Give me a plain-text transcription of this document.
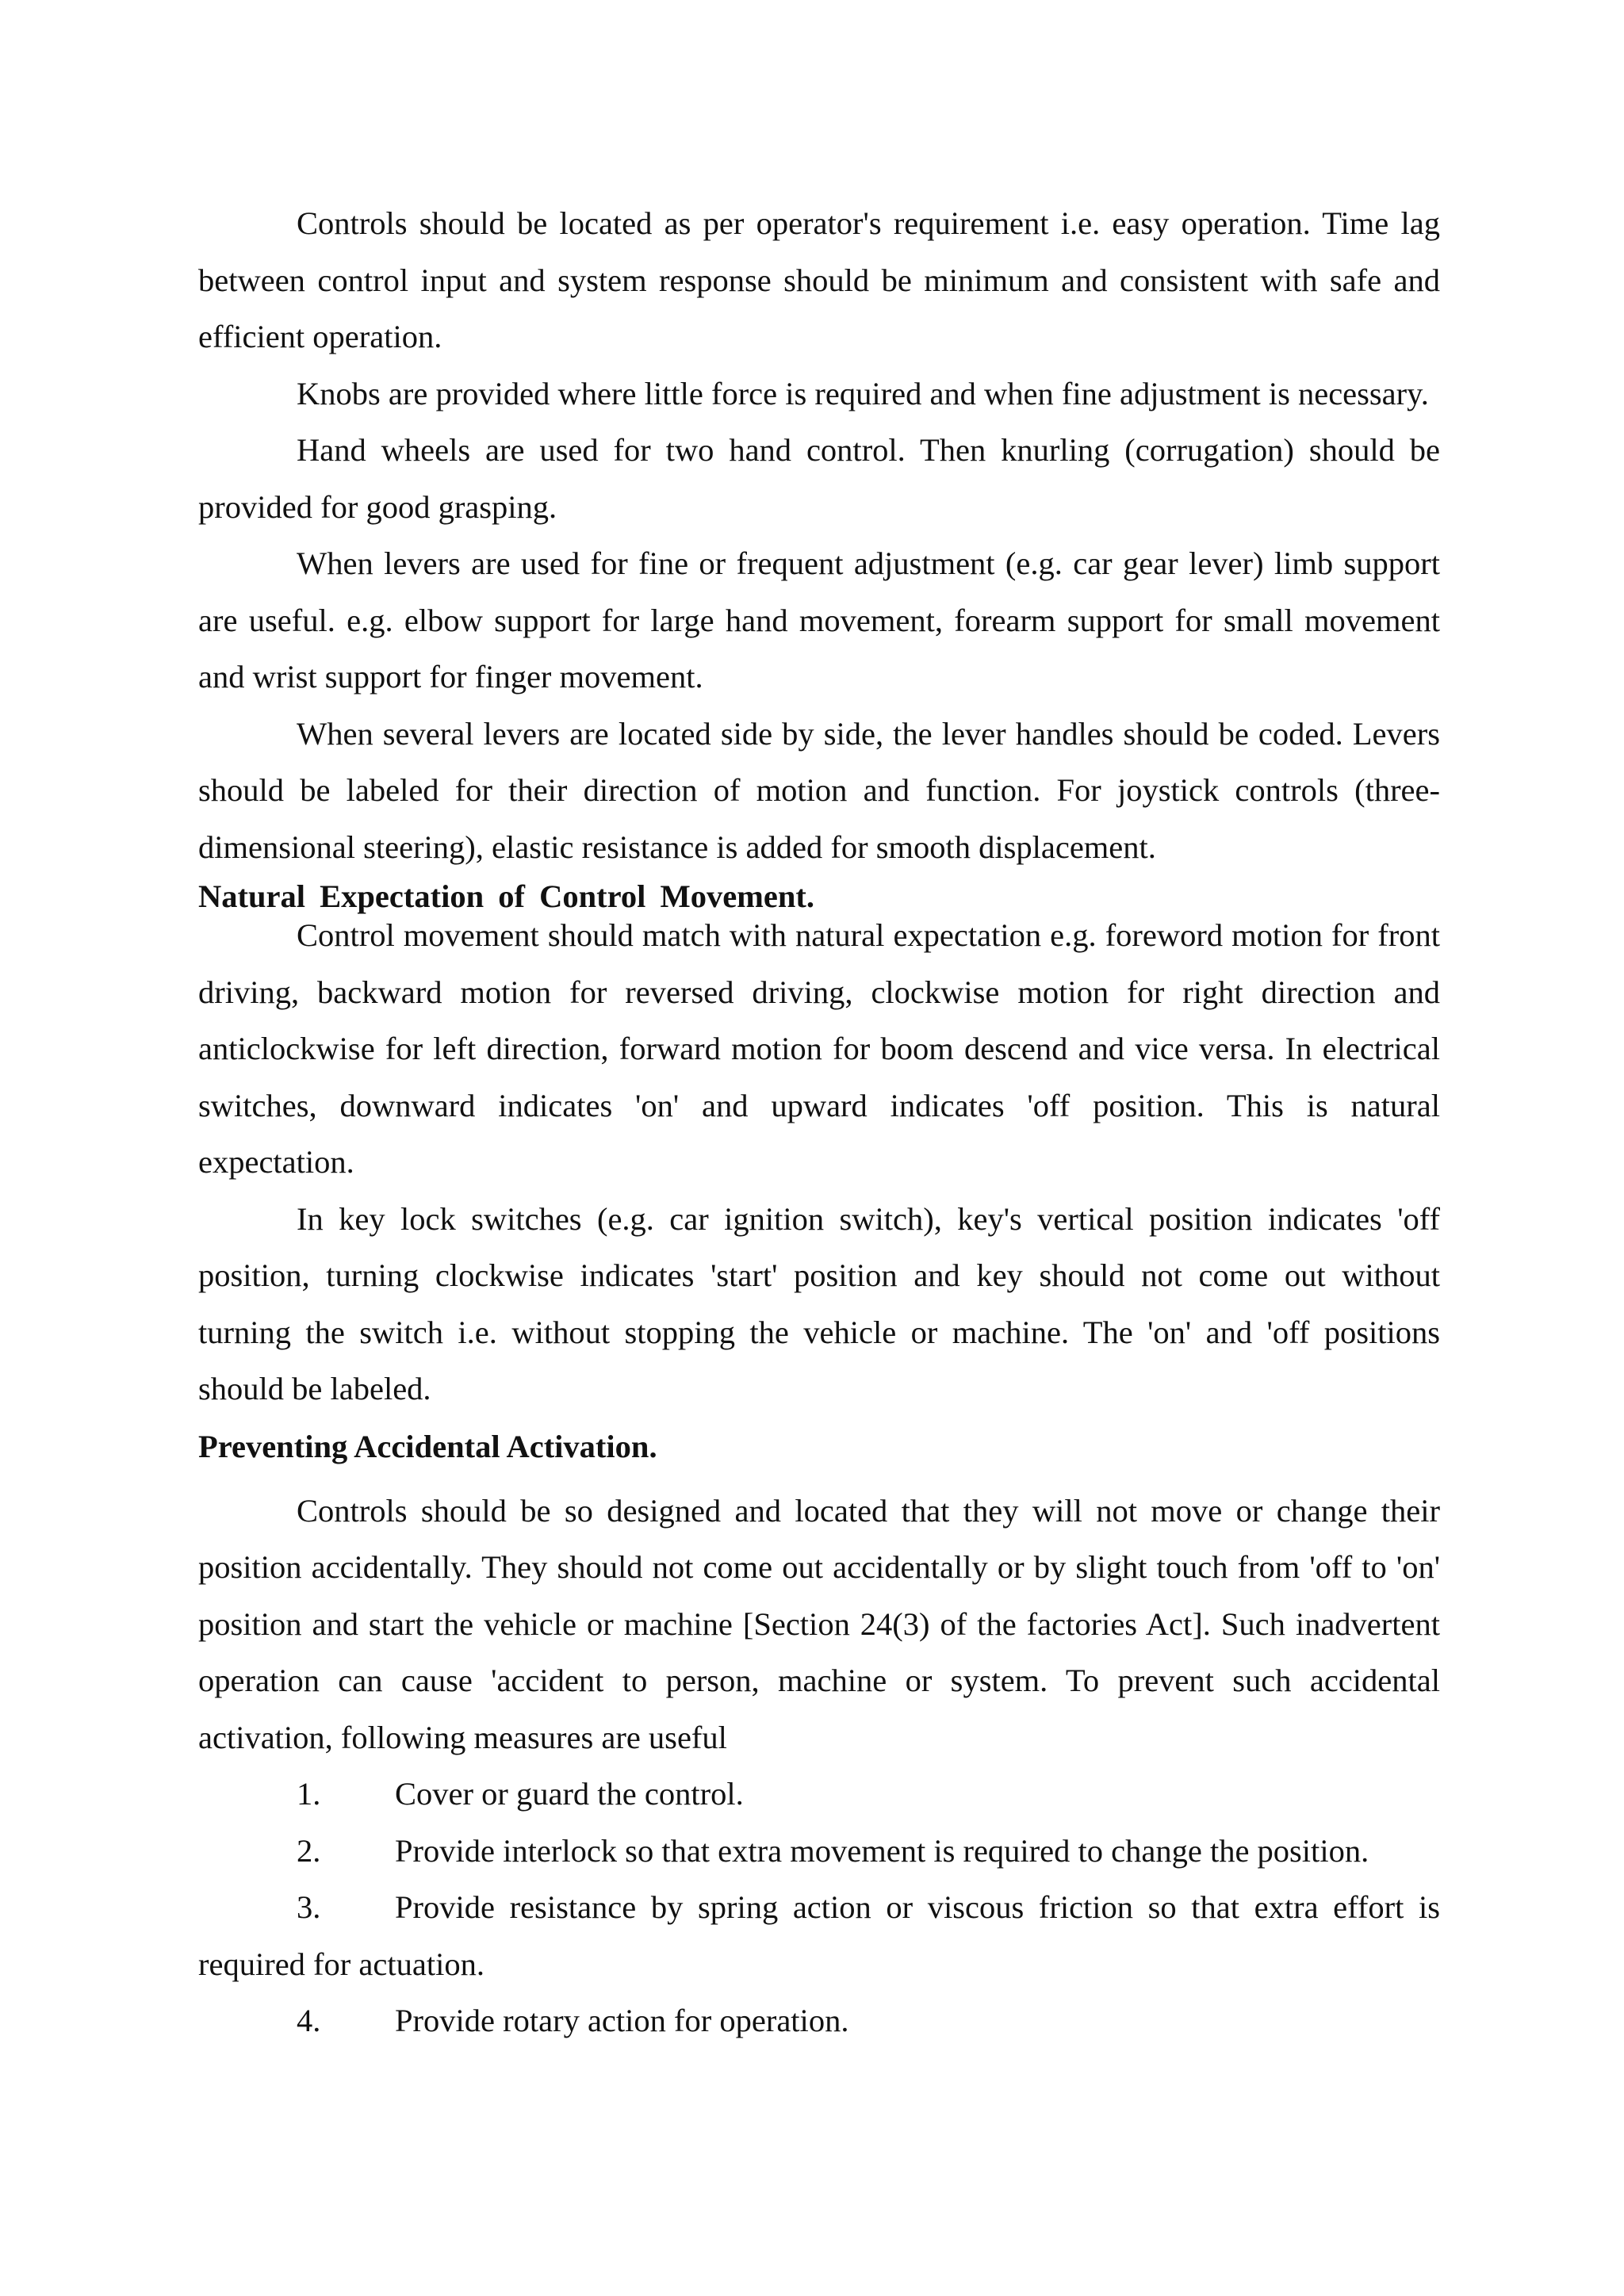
Controls should be located as per operator's requirement i.e. easy operation. Time lag between control input and system response should be minimum and consistent with safe and efficient operation.

Knobs are provided where little force is required and when fine adjustment is necessary.

Hand wheels are used for two hand control. Then knurling (corrugation) should be provided for good grasping.

When levers are used for fine or frequent adjustment (e.g. car gear lever) limb support are useful. e.g. elbow support for large hand movement, forearm support for small movement and wrist support for finger movement.

When several levers are located side by side, the lever handles should be coded. Levers should be labeled for their direction of motion and function. For joystick controls (three-dimensional steering), elastic resistance is added for smooth displacement.

Natural Expectation of Control Movement.

Control movement should match with natural expectation e.g. foreword motion for front driving, backward motion for reversed driving, clockwise motion for right direction and anticlockwise for left direction, forward motion for boom descend and vice versa. In electrical switches, downward indicates 'on' and upward indicates 'off position. This is natural expectation.

In key lock switches (e.g. car ignition switch), key's vertical position indicates 'off position, turning clockwise indicates 'start' position and key should not come out without turning the switch i.e. without stopping the vehicle or machine. The 'on' and 'off positions should be labeled.

Preventing Accidental Activation.

Controls should be so designed and located that they will not move or change their position accidentally. They should not come out accidentally or by slight touch from 'off to 'on' position and start the vehicle or machine [Section 24(3) of the factories Act]. Such inadvertent operation can cause 'accident to person, machine or system. To prevent such accidental activation, following measures are useful

1.	Cover or guard the control.
2.	Provide interlock so that extra movement is required to change the position.
3. Provide resistance by spring action or viscous friction so that extra effort is required for actuation.
4.	Provide rotary action for operation.
